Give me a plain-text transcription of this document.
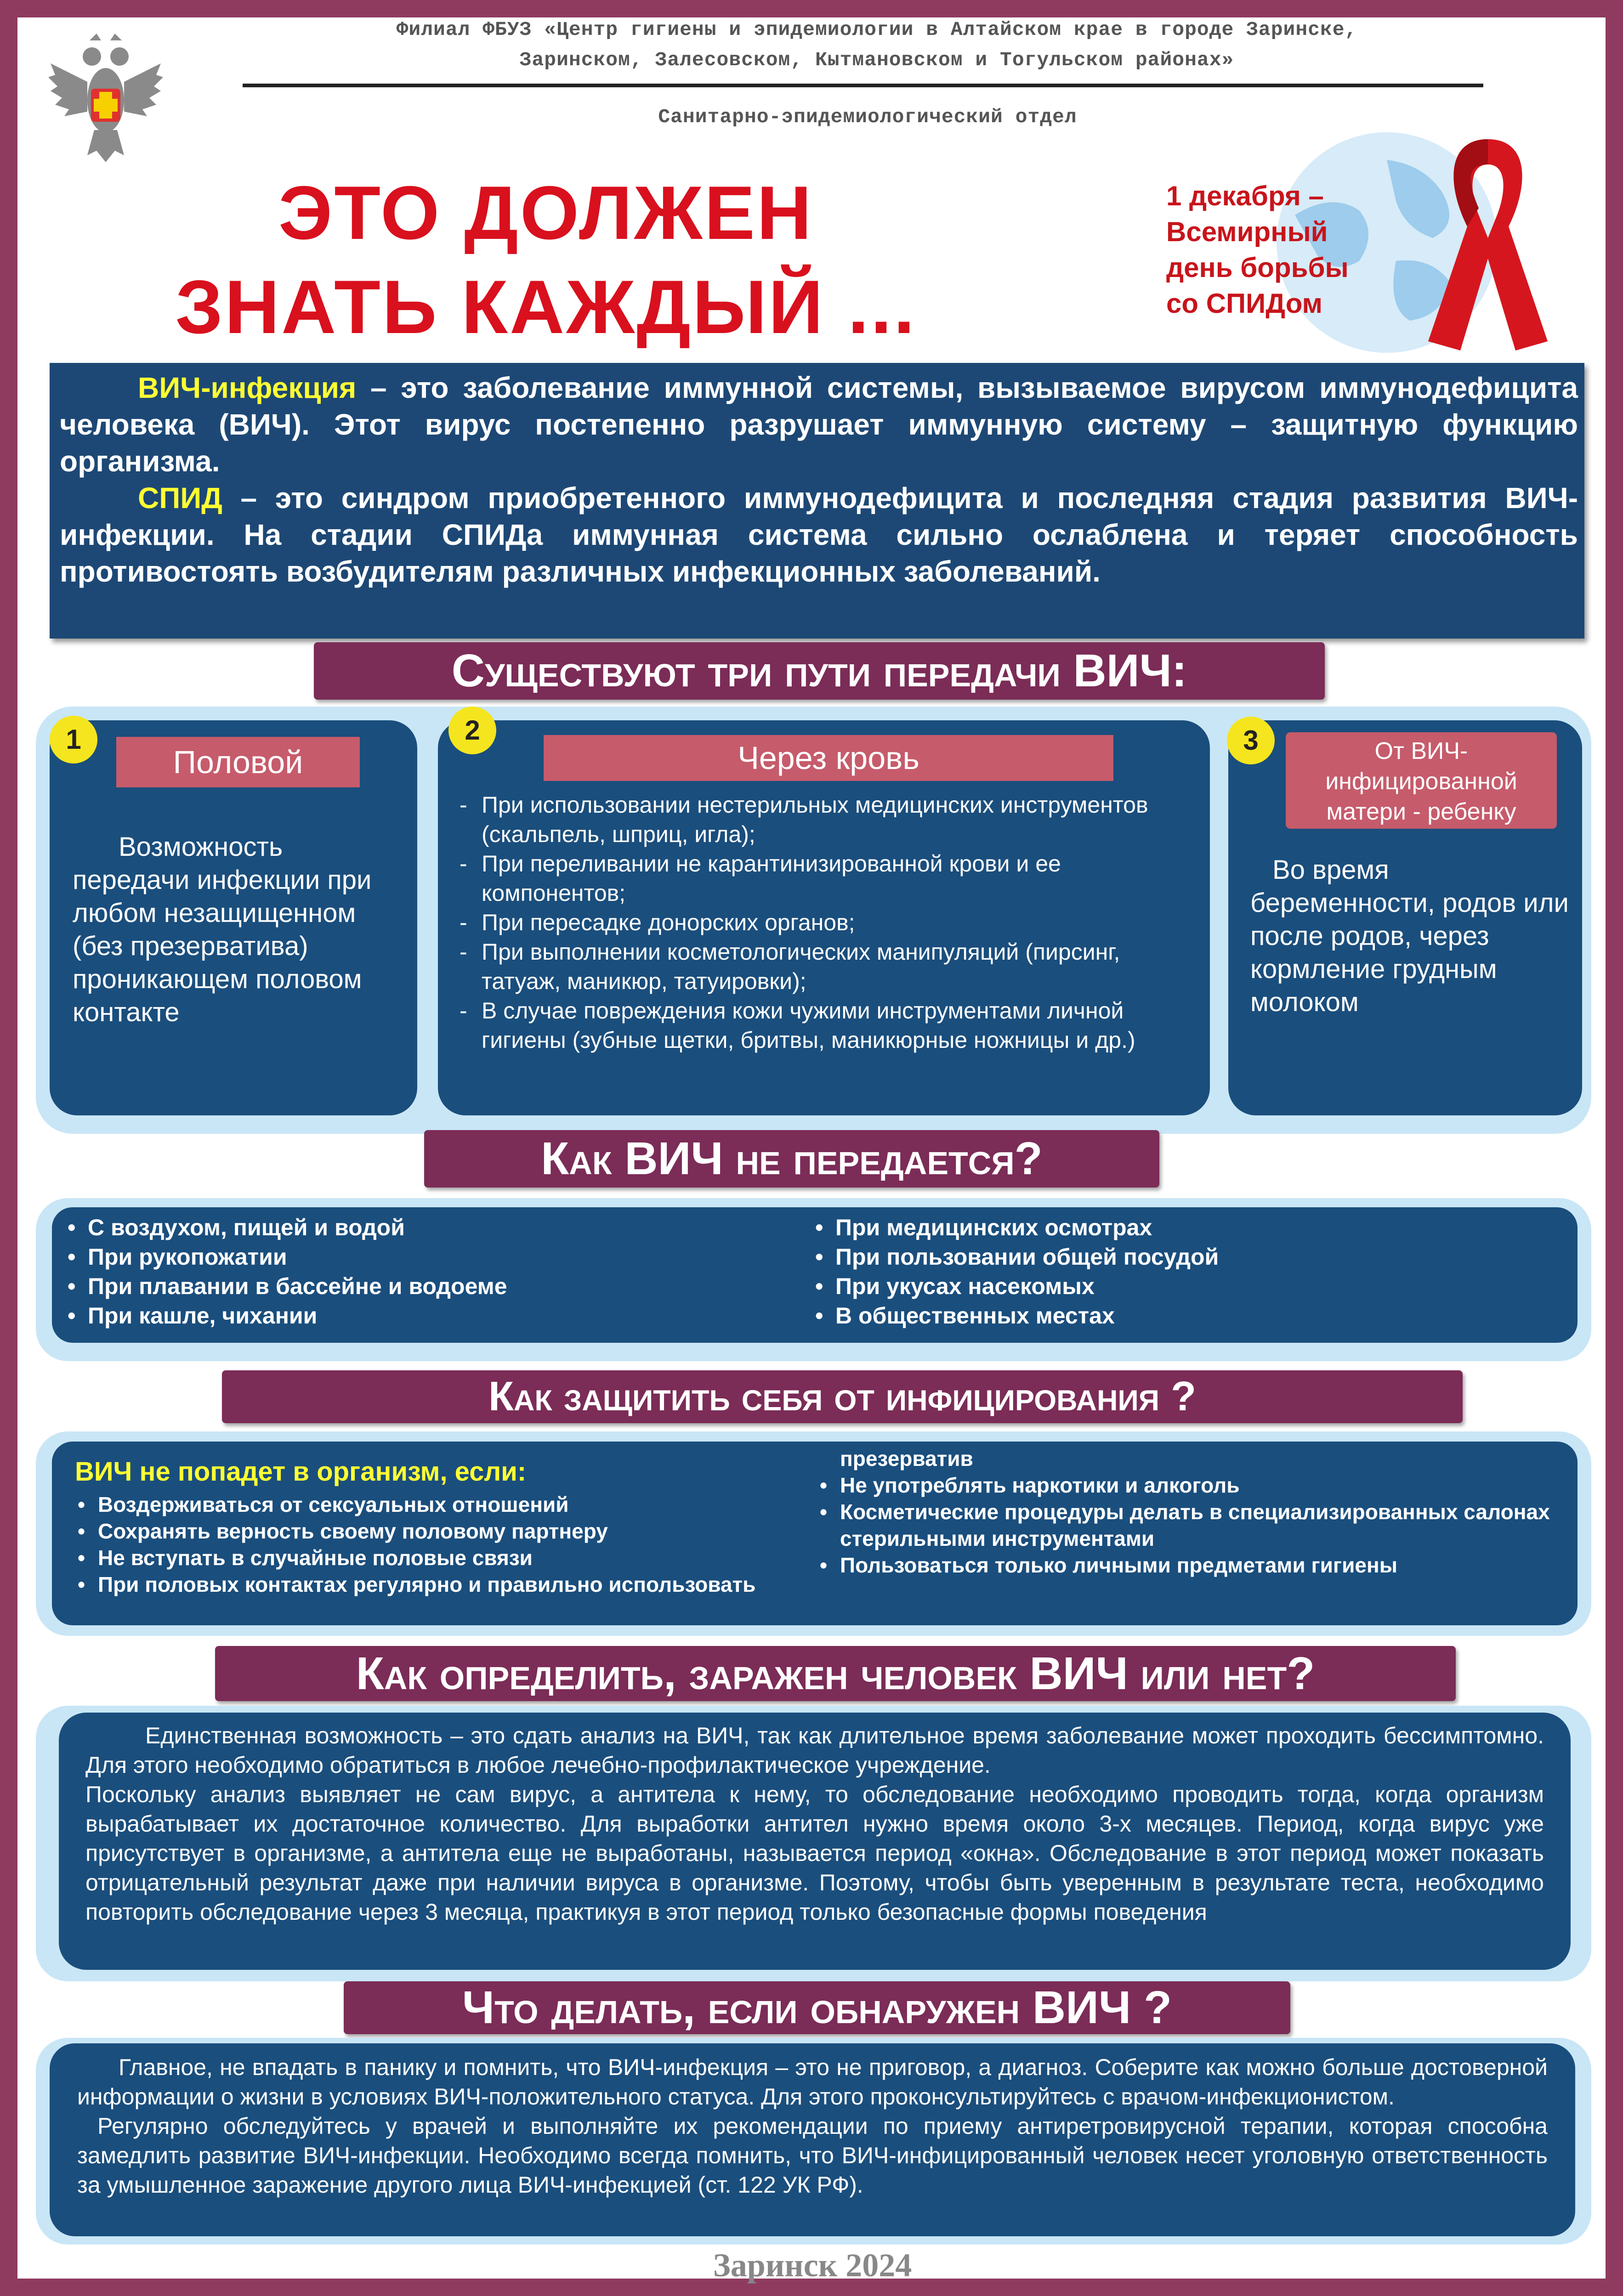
Филиал ФБУЗ «Центр гигиены и эпидемиологии в Алтайском крае в городе Заринске,
Заринском, Залесовском, Кытмановском и Тогульском районах»
Санитарно-эпидемиологический отдел
ЭТО ДОЛЖЕН
ЗНАТЬ КАЖДЫЙ ...
1 декабря –
Всемирный
день борьбы
со СПИДом
ВИЧ-инфекция – это заболевание иммунной системы, вызываемое вирусом иммунодефицита человека (ВИЧ). Этот вирус постепенно разрушает иммунную систему – защитную функцию организма.
СПИД – это синдром приобретенного иммунодефицита и последняя стадия развития ВИЧ-инфекции. На стадии СПИДа иммунная система сильно ослаблена и теряет способность противостоять возбудителям различных инфекционных заболеваний.
Существуют три пути передачи ВИЧ:
Половой
Возможность передачи инфекции при любом незащищенном (без презерватива) проникающем половом контакте
1
Через кровь
- При использовании нестерильных медицинских инструментов (скальпель, шприц, игла);
- При переливании не карантинизированной крови и ее компонентов;
- При пересадке донорских органов;
- При выполнении косметологических манипуляций (пирсинг, татуаж, маникюр, татуировки);
- В случае повреждения кожи чужими инструментами личной гигиены (зубные щетки, бритвы, маникюрные ножницы и др.)
2
От ВИЧ-инфицированной матери - ребенку
Во время беременности, родов или после родов, через кормление грудным молоком
3
Как ВИЧ не передается?
• С воздухом, пищей и водой
• При рукопожатии
• При плавании в бассейне и водоеме
• При кашле, чихании
• При медицинских осмотрах
• При пользовании общей посудой
• При укусах насекомых
• В общественных местах
Как защитить себя от инфицирования ?
ВИЧ не попадет в организм, если:
• Воздерживаться от сексуальных отношений
• Сохранять верность своему половому партнеру
• Не вступать в случайные половые связи
• При половых контактах регулярно и правильно использовать
презерватив
• Не употреблять наркотики и алкоголь
• Косметические процедуры делать в специализированных салонах стерильными инструментами
• Пользоваться только личными предметами гигиены
Как определить, заражен человек ВИЧ или нет?
Единственная возможность – это сдать анализ на ВИЧ, так как длительное время заболевание может проходить бессимптомно. Для этого необходимо обратиться в любое лечебно-профилактическое учреждение.
Поскольку анализ выявляет не сам вирус, а антитела к нему, то обследование необходимо проводить тогда, когда организм вырабатывает их достаточное количество. Для выработки антител нужно время около 3-х месяцев. Период, когда вирус уже присутствует в организме, а антитела еще не выработаны, называется период «окна». Обследование в этот период может показать отрицательный результат даже при наличии вируса в организме. Поэтому, чтобы быть уверенным в результате теста, необходимо повторить обследование через 3 месяца, практикуя в этот период только безопасные формы поведения
Что делать, если обнаружен ВИЧ ?
Главное, не впадать в панику и помнить, что ВИЧ-инфекция – это не приговор, а диагноз. Соберите как можно больше достоверной информации о жизни в условиях ВИЧ-положительного статуса. Для этого проконсультируйтесь с врачом-инфекционистом.
Регулярно обследуйтесь у врачей и выполняйте их рекомендации по приему антиретровирусной терапии, которая способна замедлить развитие ВИЧ-инфекции. Необходимо всегда помнить, что ВИЧ-инфицированный человек несет уголовную ответственность за умышленное заражение другого лица ВИЧ-инфекцией (ст. 122 УК РФ).
Заринск 2024
